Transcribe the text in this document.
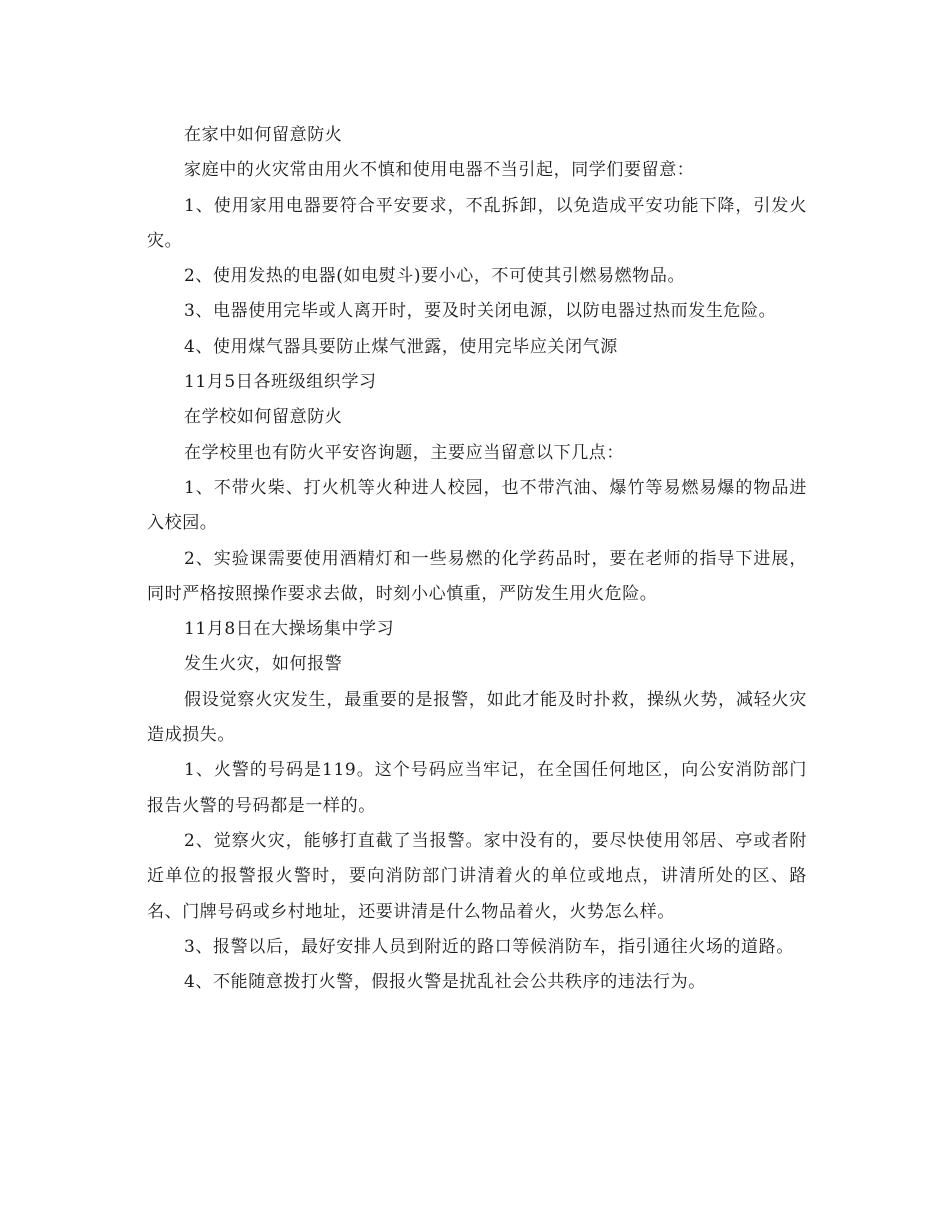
在家中如何留意防火

家庭中的火灾常由用火不慎和使用电器不当引起，同学们要留意：

1、使用家用电器要符合平安要求，不乱拆卸，以免造成平安功能下降，引发火灾。

2、使用发热的电器(如电熨斗)要小心，不可使其引燃易燃物品。

3、电器使用完毕或人离开时，要及时关闭电源，以防电器过热而发生危险。

4、使用煤气器具要防止煤气泄露，使用完毕应关闭气源

11月5日各班级组织学习

在学校如何留意防火

在学校里也有防火平安咨询题，主要应当留意以下几点：

1、不带火柴、打火机等火种进人校园，也不带汽油、爆竹等易燃易爆的物品进入校园。

2、实验课需要使用酒精灯和一些易燃的化学药品时，要在老师的指导下进展，同时严格按照操作要求去做，时刻小心慎重，严防发生用火危险。

11月8日在大操场集中学习

发生火灾，如何报警

假设觉察火灾发生，最重要的是报警，如此才能及时扑救，操纵火势，减轻火灾造成损失。

1、火警的号码是119。这个号码应当牢记，在全国任何地区，向公安消防部门报告火警的号码都是一样的。

2、觉察火灾，能够打直截了当报警。家中没有的，要尽快使用邻居、亭或者附近单位的报警报火警时，要向消防部门讲清着火的单位或地点，讲清所处的区、路名、门牌号码或乡村地址，还要讲清是什么物品着火，火势怎么样。

3、报警以后，最好安排人员到附近的路口等候消防车，指引通往火场的道路。

4、不能随意拨打火警，假报火警是扰乱社会公共秩序的违法行为。
